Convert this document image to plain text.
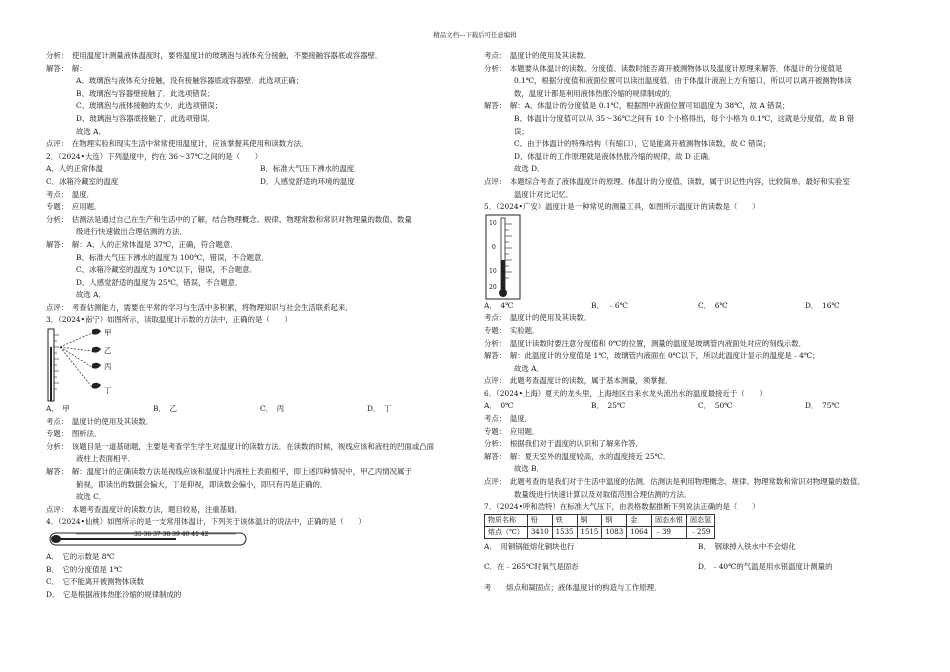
精品文档---下载后可任意编辑
分析：　使用温度计测量液体温度时，要将温度计的玻璃泡与液体充分接触，不要接触容器底或容器壁．
解答：　解：
A、玻璃泡与液体充分接触，没有接触容器底或容器壁．此选项正确；
B、玻璃泡与容器壁接触了．此选项错误；
C、玻璃泡与液体接触的太少．此选项错误；
D、玻璃泡与容器底接触了．此选项错误．
故选 A．
点评：　在物理实验和现实生活中常常使用温度计，应该掌握其使用和读数方法．
2．（2024•大连）下列温度中，约在 36～37℃之间的是（　　）
A．人的正常体温	B．标准大气压下沸水的温度
C．冰箱冷藏室的温度	D．人感觉舒适的环境的温度
考点：　温度．
专题：　应用题．
分析：　估测法是通过自己在生产和生活中的了解，结合物理概念、规律、物理常数和常识对物理量的数值、数量
级进行快速做出合理估测的方法．
解答：　解：A、人的正常体温是 37℃，正确，符合题意．
B、标准大气压下沸水的温度为 100℃，错误，不合题意．
C、冰箱冷藏室的温度为 10℃以下，错误，不合题意．
D、人感觉舒适的温度为 25℃，错误，不合题意．
故选 A．
点评：　考查估测能力，需要在平常的学习与生活中多积累，将物理知识与社会生活联系起来．
3．（2024•南宁）如图所示，读取温度计示数的方法中，正确的是（　　）
甲
乙
丙
丁
A．　甲	B．　乙	C．　丙	D．　丁
考点：　温度计的使用及其读数．
专题：　图析法．
分析：　该题目是一道基础题，主要是考查学生学生对温度计的读数方法．在读数的时候，视线应该和液柱的凹面或凸面
液柱上表面相平．
解答：　解：温度计的正确读数方法是视线应该和温度计内液柱上表面相平，即上述四种情况中，甲乙丙情况属于
俯视，即读出的数据会偏大，丁是仰视，即读数会偏小，即只有丙是正确的．
故选 C．
点评：　本题考查温度计的读数方法，题目较易，注重基础．
4．（2024•仙桃）如图所示的是一支常用体温计，下列关于该体温计的说法中，正确的是（　　）
35 36 37 38 39 40 41 42
A．　它的示数是 8℃
B．　它的分度值是 1℃
C．　它不能离开被测物体读数
D．　它是根据液体热胀冷缩的规律制成的
考点：　温度计的使用及其读数．
分析：　本题要从体温计的读数、分度值、读数时能否离开被测物体以及温度计原理来解答．体温计的分度值是
0.1℃，根据分度值和液面位置可以读出温度值．由于体温计液泡上方有缩口，所以可以离开被测物体读
数，温度计都是利用液体热胀冷缩的规律制成的．
解答：　解：A、体温计的分度值是 0.1℃，根据图中液面位置可知温度为 38℃，故 A 错误；
B、体温计分度值可以从 35～36℃之间有 10 个小格得出，每个小格为 0.1℃，这就是分度值，故 B 错
误；
C、由于体温计的特殊结构（有缩口），它是能离开被测物体读数，故 C 错误；
D、体温计的工作原理就是液体热胀冷缩的规律，故 D 正确．
故选 D．
点评：　本题综合考查了液体温度计的原理、体温计的分度值、读数，属于识记性内容，比较简单．最好和实验室
温度计对比记忆．
5．（2024•广安）温度计是一种常见的测量工具，如图所示温度计的读数是（　　）
10
0
10
20
A．　4℃	B．　﹣6℃	C．　6℃	D．　16℃
考点：　温度计的使用及其读数．
专题：　实验题．
分析：　温度计读数时要注意分度值和 0℃的位置，测量的温度是玻璃管内液面处对应的刻线示数．
解答：　解：此温度计的分度值是 1℃，玻璃管内液面在 0℃以下，所以此温度计显示的温度是﹣4℃；
故选 A．
点评：　此题考查温度计的读数，属于基本测量，须掌握．
6．（2024•上海）夏天的龙头里，上海地区自来水龙头流出水的温度最接近于（　　）
A．　0℃	B．　25℃	C．　50℃	D．　75℃
考点：　温度．
专题：　应用题．
分析：　根据我们对于温度的认识和了解来作答．
解答：　解：夏天室外的温度较高，水的温度接近 25℃．
故选 B．
点评：　此题考查的是我们对于生活中温度的估测．估测法是利用物理概念、规律、物理常数和常识对物理量的数值、
数量级进行快速计算以及对取值范围合理估测的方法．
7．（2024•呼和浩特）在标准大气压下，由表格数据推断下列说法正确的是（　　）
物质名称	铅	铁	铜	钢	金	固态水银	固态氢
熔点（℃）	3410	1535	1515	1083	1064	﹣39	﹣259
A．　用铜锅能熔化铜块也行	B．　钢球掉入铁水中不会熔化
C．在﹣265℃时氧气是固态	D．﹣40℃的气温是用水银温度计测量的
考　　熔点和凝固点；液体温度计的构造与工作原理．
